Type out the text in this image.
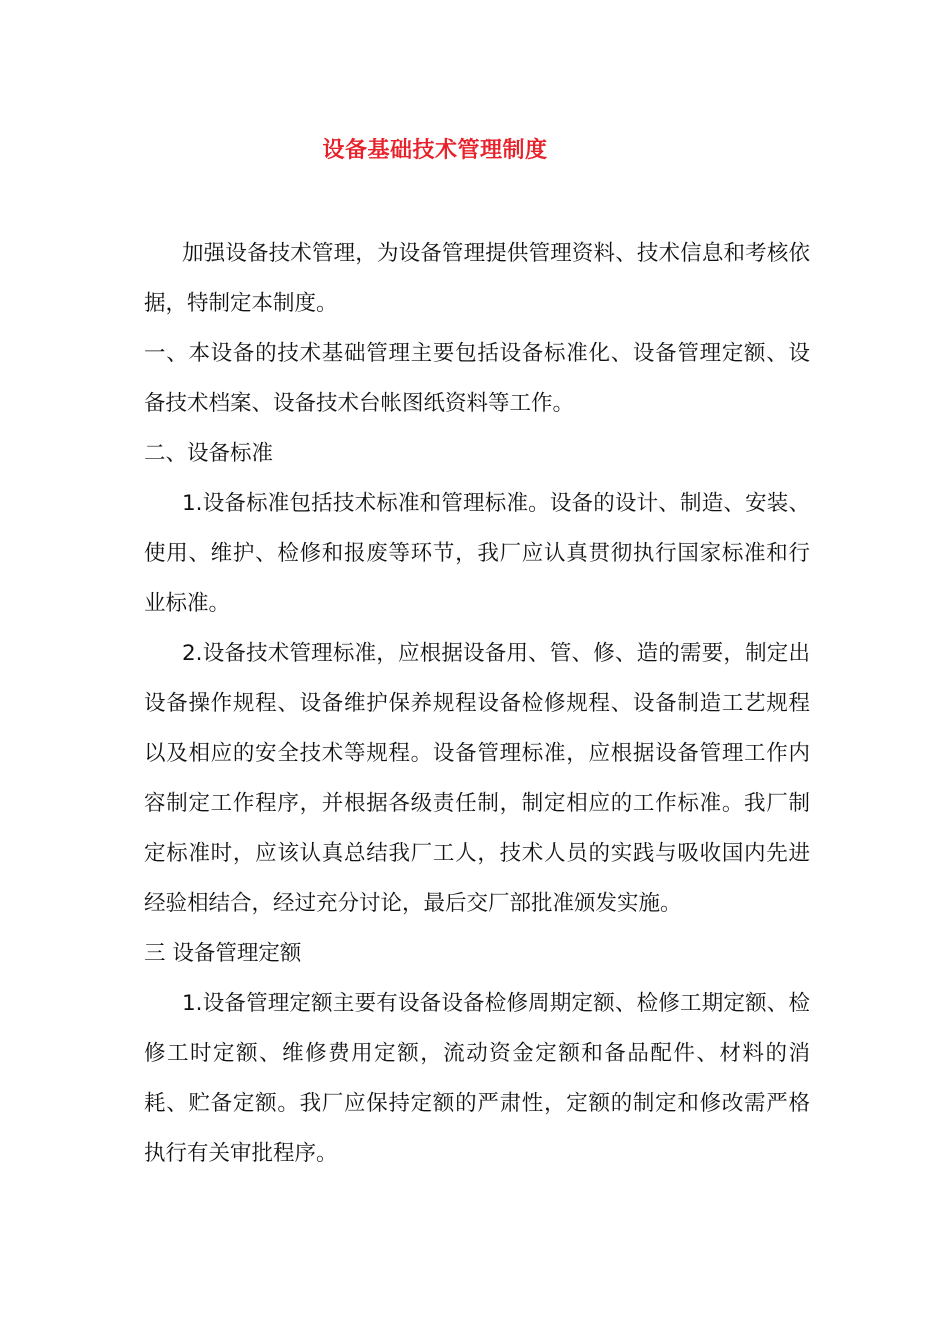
设备基础技术管理制度

加强设备技术管理，为设备管理提供管理资料、技术信息和考核依据，特制定本制度。

一、本设备的技术基础管理主要包括设备标准化、设备管理定额、设备技术档案、设备技术台帐图纸资料等工作。

二、设备标准

1.设备标准包括技术标准和管理标准。设备的设计、制造、安装、使用、维护、检修和报废等环节，我厂应认真贯彻执行国家标准和行业标准。

2.设备技术管理标准，应根据设备用、管、修、造的需要，制定出设备操作规程、设备维护保养规程设备检修规程、设备制造工艺规程以及相应的安全技术等规程。设备管理标准，应根据设备管理工作内容制定工作程序，并根据各级责任制，制定相应的工作标准。我厂制定标准时，应该认真总结我厂工人，技术人员的实践与吸收国内先进经验相结合，经过充分讨论，最后交厂部批准颁发实施。

三 设备管理定额

1.设备管理定额主要有设备设备检修周期定额、检修工期定额、检修工时定额、维修费用定额，流动资金定额和备品配件、材料的消耗、贮备定额。我厂应保持定额的严肃性，定额的制定和修改需严格执行有关审批程序。
